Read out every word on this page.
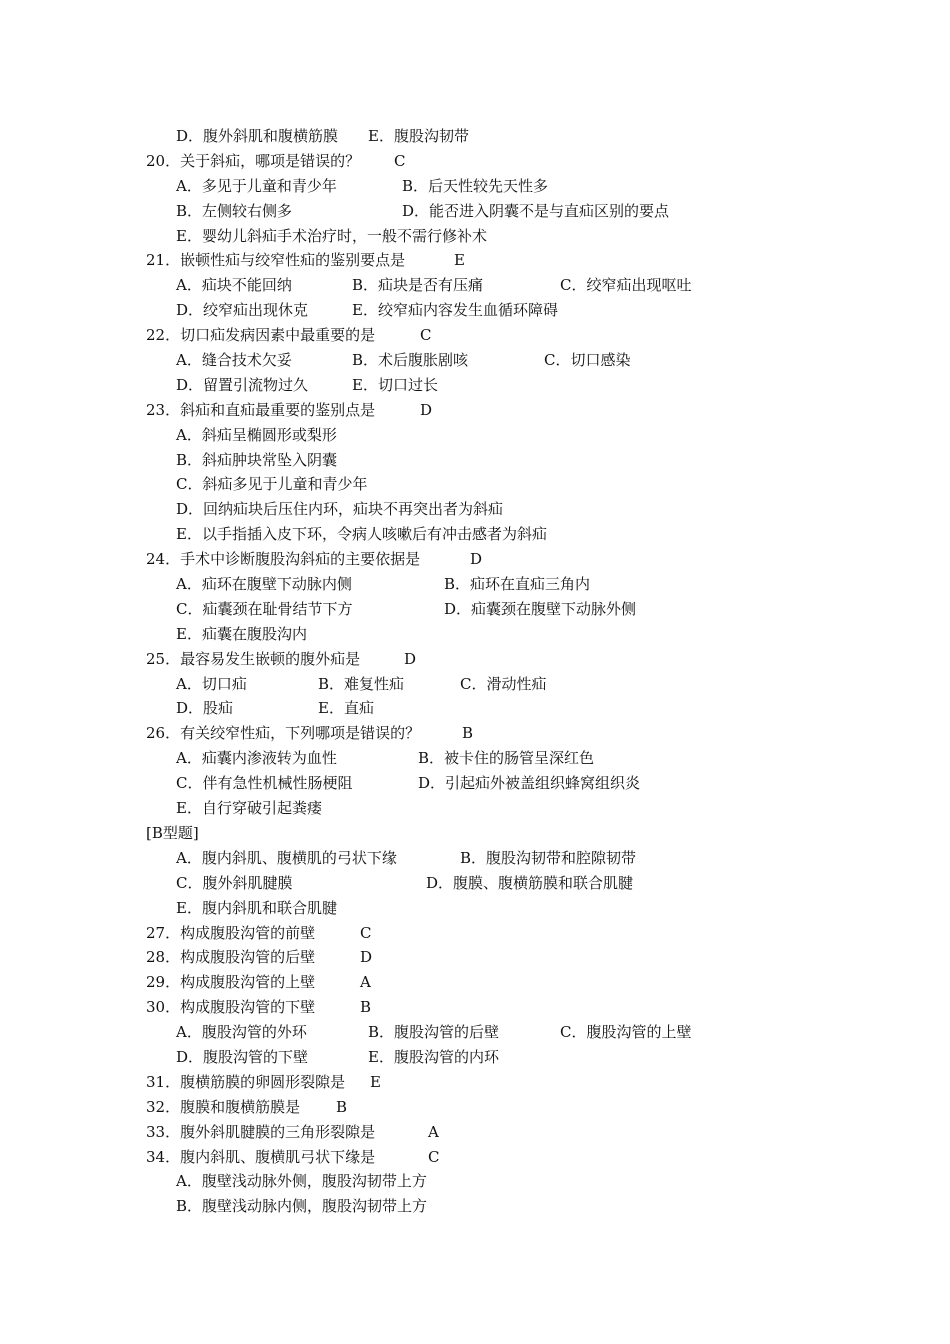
D．腹外斜肌和腹横筋膜 E．腹股沟韧带
20．关于斜疝，哪项是错误的？ C
A．多见于儿童和青少年	B．后天性较先天性多
B．左侧较右侧多	D．能否进入阴囊不是与直疝区别的要点
E．婴幼儿斜疝手术治疗时，一般不需行修补术
21．嵌顿性疝与绞窄性疝的鉴别要点是	E
A．疝块不能回纳	B．疝块是否有压痛	C．绞窄疝出现呕吐
D．绞窄疝出现休克	E．绞窄疝内容发生血循环障碍
22．切口疝发病因素中最重要的是	C
A．缝合技术欠妥	B．术后腹胀剧咳	C．切口感染
D．留置引流物过久	E．切口过长
23．斜疝和直疝最重要的鉴别点是	D
A．斜疝呈椭圆形或梨形
B．斜疝肿块常坠入阴囊
C．斜疝多见于儿童和青少年
D．回纳疝块后压住内环，疝块不再突出者为斜疝
E．以手指插入皮下环，令病人咳嗽后有冲击感者为斜疝
24．手术中诊断腹股沟斜疝的主要依据是	D
A．疝环在腹壁下动脉内侧	B．疝环在直疝三角内
C．疝囊颈在耻骨结节下方	D．疝囊颈在腹壁下动脉外侧
E．疝囊在腹股沟内
25．最容易发生嵌顿的腹外疝是	D
A．切口疝	B．难复性疝	C．滑动性疝
D．股疝	E．直疝
26．有关绞窄性疝，下列哪项是错误的？	B
A．疝囊内渗液转为血性	B．被卡住的肠管呈深红色
C．伴有急性机械性肠梗阻	D．引起疝外被盖组织蜂窝组织炎
E．自行穿破引起粪瘘
[B型题]
A．腹内斜肌、腹横肌的弓状下缘	B．腹股沟韧带和腔隙韧带
C．腹外斜肌腱膜	D．腹膜、腹横筋膜和联合肌腱
E．腹内斜肌和联合肌腱
27．构成腹股沟管的前壁	C
28．构成腹股沟管的后壁	D
29．构成腹股沟管的上壁	A
30．构成腹股沟管的下壁	B
A．腹股沟管的外环	B．腹股沟管的后壁	C．腹股沟管的上壁
D．腹股沟管的下壁	E．腹股沟管的内环
31．腹横筋膜的卵圆形裂隙是 E
32．腹膜和腹横筋膜是 B
33．腹外斜肌腱膜的三角形裂隙是	A
34．腹内斜肌、腹横肌弓状下缘是	C
A．腹壁浅动脉外侧，腹股沟韧带上方
B．腹壁浅动脉内侧，腹股沟韧带上方
